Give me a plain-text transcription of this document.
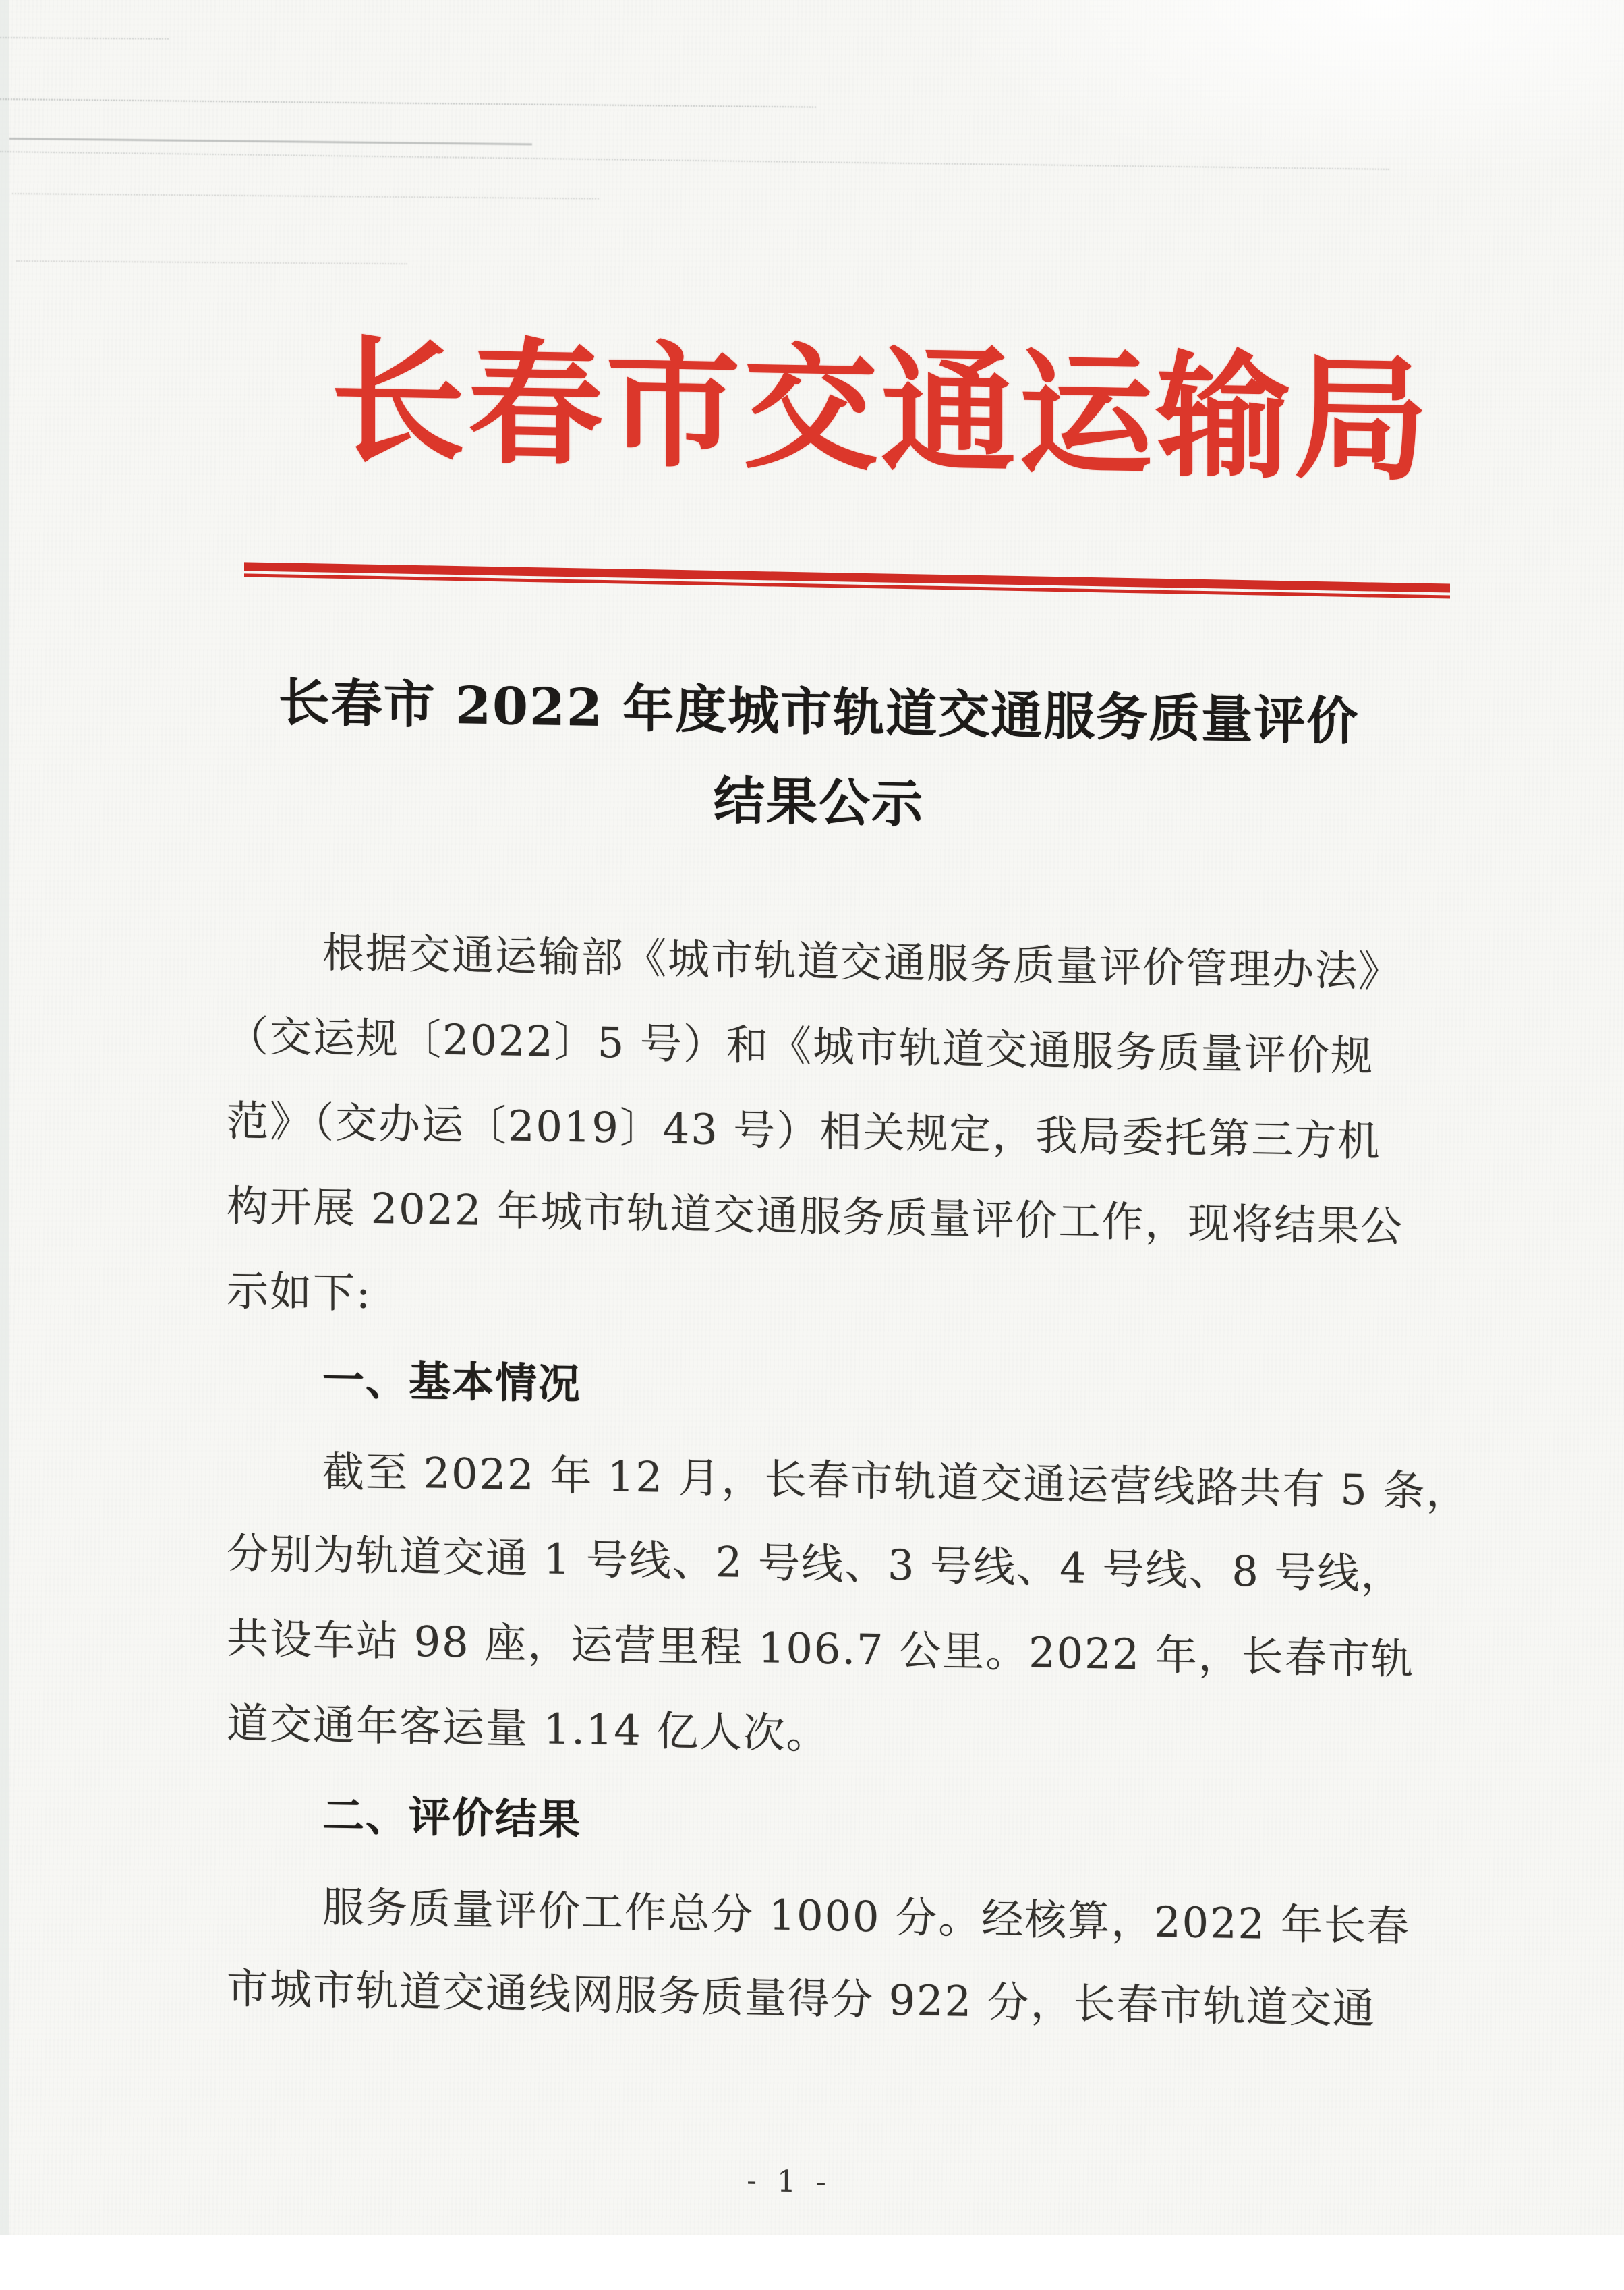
长春市交通运输局
长春市 2022 年度城市轨道交通服务质量评价
结果公示
根据交通运输部《城市轨道交通服务质量评价管理办法》
（交运规〔2022〕5 号）和《城市轨道交通服务质量评价规
范》（交办运〔2019〕43 号）相关规定，我局委托第三方机
构开展 2022 年城市轨道交通服务质量评价工作，现将结果公
示如下:
一、基本情况
截至 2022 年 12 月，长春市轨道交通运营线路共有 5 条，
分别为轨道交通 1 号线、2 号线、3 号线、4 号线、8 号线，
共设车站 98 座，运营里程 106.7 公里。2022 年，长春市轨
道交通年客运量 1.14 亿人次。
二、评价结果
服务质量评价工作总分 1000 分。经核算，2022 年长春
市城市轨道交通线网服务质量得分 922 分，长春市轨道交通
- 1 -
